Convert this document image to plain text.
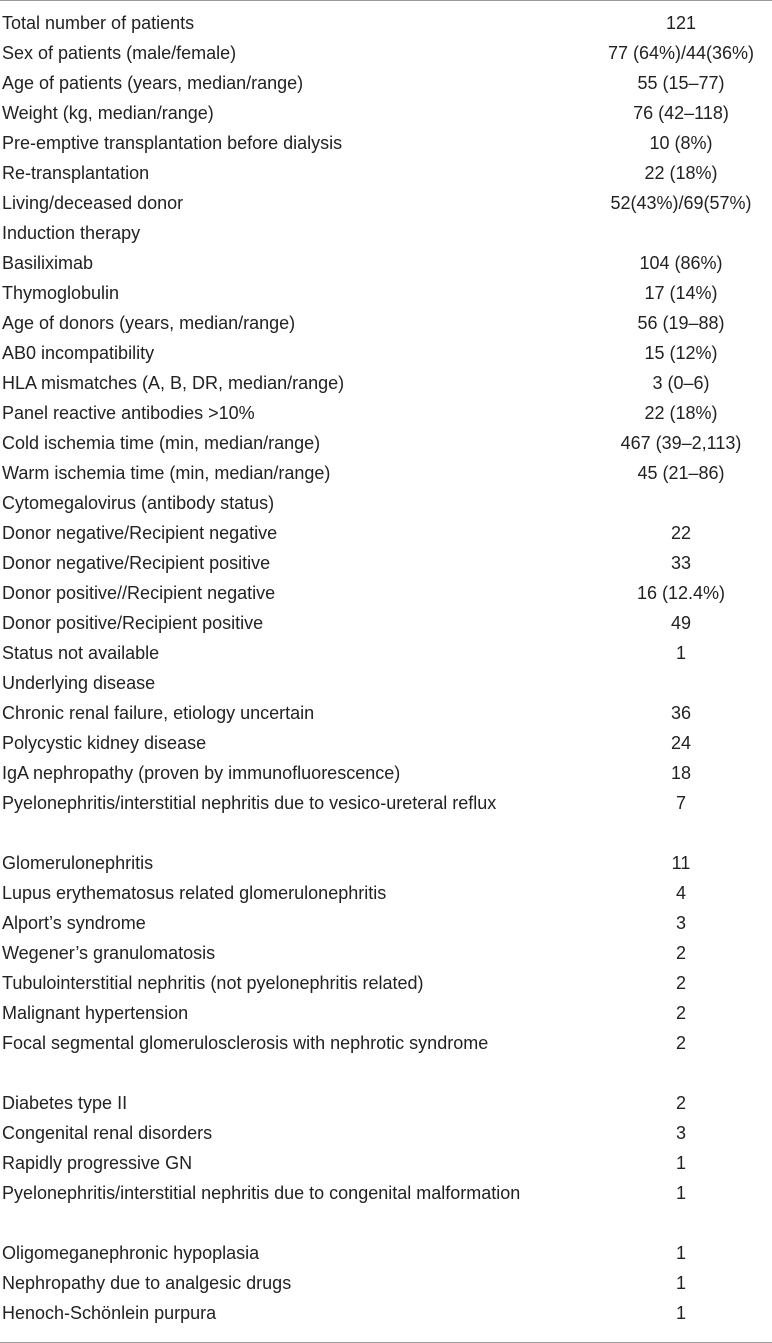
Total number of patients	121
Sex of patients (male/female)	77 (64%)/44(36%)
Age of patients (years, median/range)	55 (15–77)
Weight (kg, median/range)	76 (42–118)
Pre-emptive transplantation before dialysis	10 (8%)
Re-transplantation	22 (18%)
Living/deceased donor	52(43%)/69(57%)
Induction therapy
Basiliximab	104 (86%)
Thymoglobulin	17 (14%)
Age of donors (years, median/range)	56 (19–88)
AB0 incompatibility	15 (12%)
HLA mismatches (A, B, DR, median/range)	3 (0–6)
Panel reactive antibodies >10%	22 (18%)
Cold ischemia time (min, median/range)	467 (39–2,113)
Warm ischemia time (min, median/range)	45 (21–86)
Cytomegalovirus (antibody status)
Donor negative/Recipient negative	22
Donor negative/Recipient positive	33
Donor positive//Recipient negative	16 (12.4%)
Donor positive/Recipient positive	49
Status not available	1
Underlying disease
Chronic renal failure, etiology uncertain	36
Polycystic kidney disease	24
IgA nephropathy (proven by immunofluorescence)	18
Pyelonephritis/interstitial nephritis due to vesico-ureteral reflux	7
Glomerulonephritis	11
Lupus erythematosus related glomerulonephritis	4
Alport’s syndrome	3
Wegener’s granulomatosis	2
Tubulointerstitial nephritis (not pyelonephritis related)	2
Malignant hypertension	2
Focal segmental glomerulosclerosis with nephrotic syndrome	2
Diabetes type II	2
Congenital renal disorders	3
Rapidly progressive GN	1
Pyelonephritis/interstitial nephritis due to congenital malformation	1
Oligomeganephronic hypoplasia	1
Nephropathy due to analgesic drugs	1
Henoch-Schönlein purpura	1
